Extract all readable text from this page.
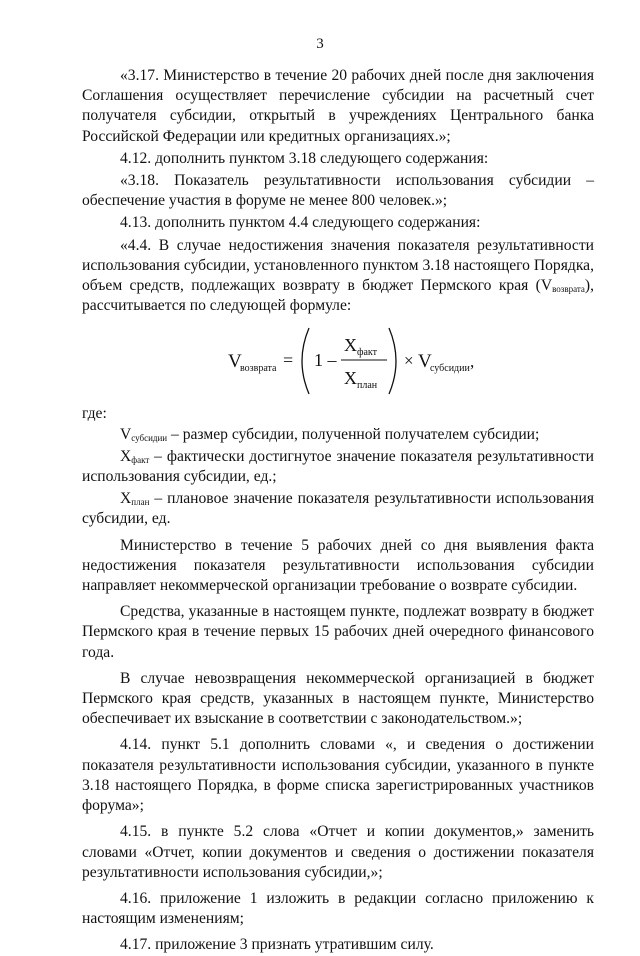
3

«3.17. Министерство в течение 20 рабочих дней после дня заключения Соглашения осуществляет перечисление субсидии на расчетный счет получателя субсидии, открытый в учреждениях Центрального банка Российской Федерации или кредитных организациях.»;

4.12. дополнить пунктом 3.18 следующего содержания:

«3.18. Показатель результативности использования субсидии – обеспечение участия в форуме не менее 800 человек.»;

4.13. дополнить пунктом 4.4 следующего содержания:

«4.4. В случае недостижения значения показателя результативности использования субсидии, установленного пунктом 3.18 настоящего Порядка, объем средств, подлежащих возврату в бюджет Пермского края $(V_{возврата})$, рассчитывается по следующей формуле:

V
возврата = 1 –
X факт
X план
× V
субсидии ,

где:

$V_{субсидии}$ – размер субсидии, полученной получателем субсидии;

$X_{факт}$ – фактически достигнутое значение показателя результативности использования субсидии, ед.;

$X_{план}$ – плановое значение показателя результативности использования субсидии, ед.

Министерство в течение 5 рабочих дней со дня выявления факта недостижения показателя результативности использования субсидии направляет некоммерческой организации требование о возврате субсидии.

Средства, указанные в настоящем пункте, подлежат возврату в бюджет Пермского края в течение первых 15 рабочих дней очередного финансового года.

В случае невозвращения некоммерческой организацией в бюджет Пермского края средств, указанных в настоящем пункте, Министерство обеспечивает их взыскание в соответствии с законодательством.»;

4.14. пункт 5.1 дополнить словами «, и сведения о достижении показателя результативности использования субсидии, указанного в пункте 3.18 настоящего Порядка, в форме списка зарегистрированных участников форума»;

4.15. в пункте 5.2 слова «Отчет и копии документов,» заменить словами «Отчет, копии документов и сведения о достижении показателя результативности использования субсидии,»;

4.16. приложение 1 изложить в редакции согласно приложению к настоящим изменениям;

4.17. приложение 3 признать утратившим силу.
